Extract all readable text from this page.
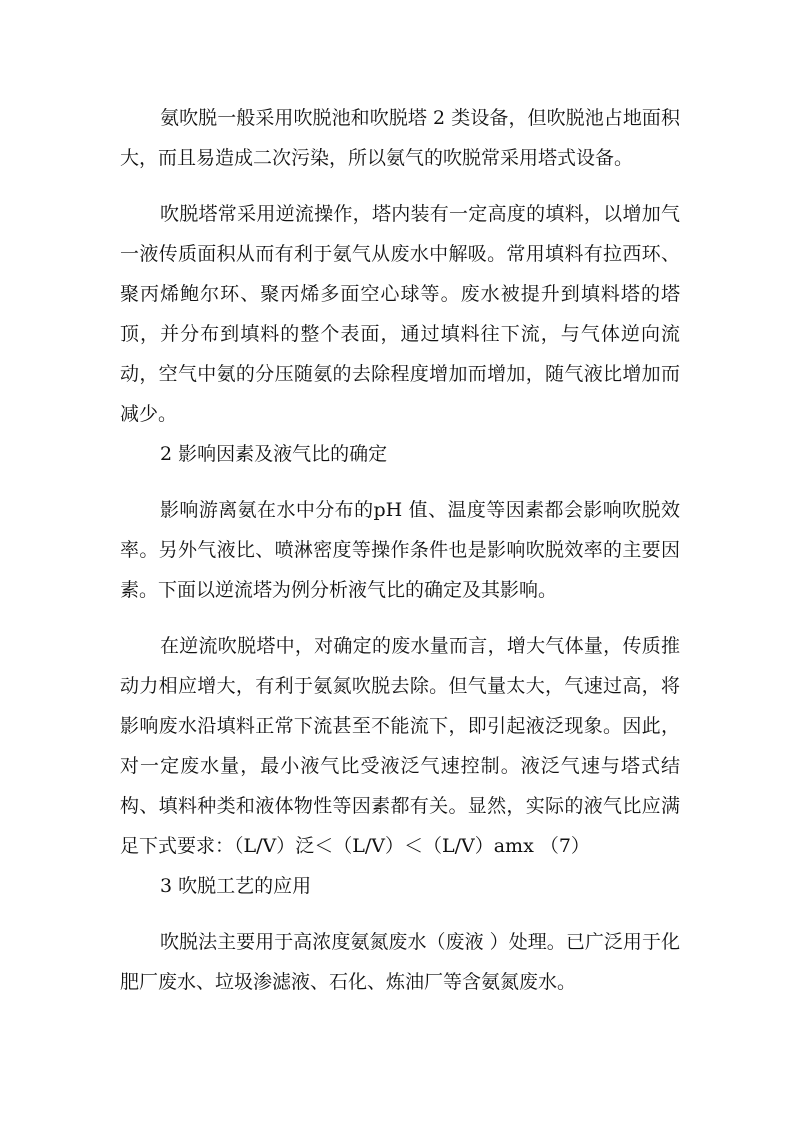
氨吹脱一般采用吹脱池和吹脱塔 2 类设备，但吹脱池占地面积大，而且易造成二次污染，所以氨气的吹脱常采用塔式设备。

吹脱塔常采用逆流操作，塔内装有一定高度的填料，以增加气一液传质面积从而有利于氨气从废水中解吸。常用填料有拉西环、聚丙烯鲍尔环、聚丙烯多面空心球等。废水被提升到填料塔的塔顶，并分布到填料的整个表面，通过填料往下流，与气体逆向流动，空气中氨的分压随氨的去除程度增加而增加，随气液比增加而减少。

2 影响因素及液气比的确定

影响游离氨在水中分布的pH 值、温度等因素都会影响吹脱效率。另外气液比、喷淋密度等操作条件也是影响吹脱效率的主要因素。下面以逆流塔为例分析液气比的确定及其影响。

在逆流吹脱塔中，对确定的废水量而言，增大气体量，传质推动力相应增大，有利于氨氮吹脱去除。但气量太大，气速过高，将影响废水沿填料正常下流甚至不能流下，即引起液泛现象。因此，对一定废水量，最小液气比受液泛气速控制。液泛气速与塔式结构、填料种类和液体物性等因素都有关。显然，实际的液气比应满足下式要求：（L/V）泛＜（L/V）＜（L/V）amx （7）

3 吹脱工艺的应用

吹脱法主要用于高浓度氨氮废水（废液 ）处理。已广泛用于化肥厂废水、垃圾渗滤液、石化、炼油厂等含氨氮废水。
